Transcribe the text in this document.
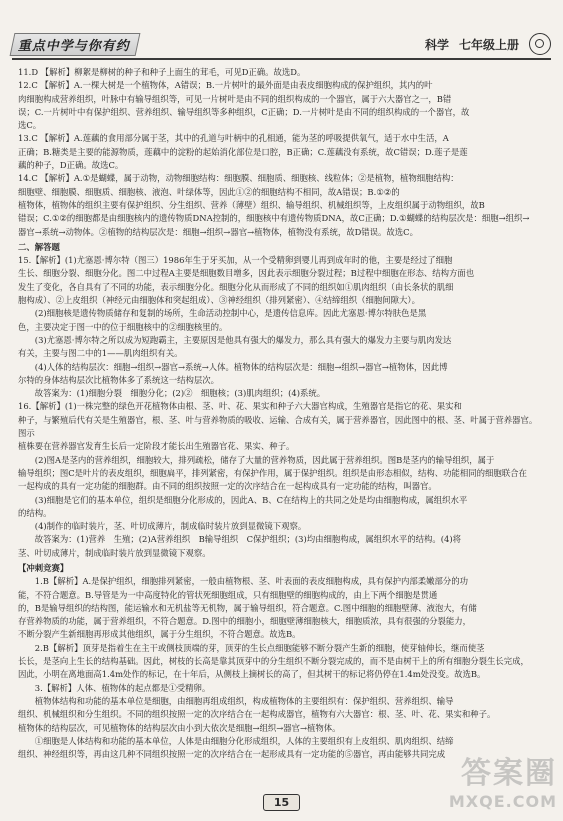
重点中学与你有约	科学 七年级上册

11.D 【解析】柳絮是柳树的种子和种子上面生的茸毛，可见D正确。故选D。

12.C 【解析】A.一棵大树是一个植物体，A错误；B.一片树叶的最外面是由表皮细胞构成的保护组织，其内的叶

肉细胞构成营养组织，叶脉中有输导组织等，可见一片树叶是由不同的组织构成的一个器官，属于六大器官之一，B错

误；C.一片树叶中有保护组织、营养组织、输导组织等多种组织，C正确；D.一片树叶是由不同的组织构成的一个器官，故

选C。

13.C 【解析】A.莲藕的食用部分属于茎，其中的孔道与叶柄中的孔相通，能为茎的呼吸提供氧气，适于水中生活，A

正确；B.糖类是主要的能源物质，莲藕中的淀粉的起始消化部位是口腔，B正确；C.莲藕没有系统，故C错误；D.莲子是莲

藕的种子，D正确。故选C。

14.C 【解析】A.①是蝴蝶，属于动物，动物细胞结构：细胞膜、细胞质、细胞核、线粒体；②是植物，植物细胞结构：

细胞壁、细胞膜、细胞质、细胞核、液泡、叶绿体等，因此①②的细胞结构不相同，故A错误；B.①②的

植物体，植物体的组织主要有保护组织、分生组织、营养（薄壁）组织、输导组织、机械组织等，上皮组织属于动物组织，故B

错误；C.①②的细胞都是由细胞核内的遗传物质DNA控制的，细胞核中有遗传物质DNA，故C正确；D.①蝴蝶的结构层次是：细胞→组织→

器官→系统→动物体。②植物的结构层次是：细胞→组织→器官→植物体，植物没有系统，故D错误。故选C。

二、解答题

15.【解析】(1)尤塞恩·博尔特（图三）1986年生于牙买加，从一个受精卵到婴儿再到成年时的他，主要是经过了细胞

生长、细胞分裂、细胞分化。图二中过程A主要是细胞数目增多，因此表示细胞分裂过程；B过程中细胞在形态、结构方面也

发生了变化，各自具有了不同的功能，表示细胞分化。细胞分化从而形成了不同的组织如①肌肉组织（由长条状的肌细

胞构成）、②上皮组织（神经元由细胞体和突起组成）、③神经组织（排列紧密）、④结缔组织（细胞间隙大）。

(2)细胞核是遗传物质储存和复制的场所，生命活动控制中心，是遗传信息库。因此尤塞恩·博尔特肤色是黑

色，主要决定于图一中的位于细胞核中的②细胞核里的。

(3)尤塞恩·博尔特之所以成为短跑霸主，主要原因是他具有强大的爆发力，那么具有强大的爆发力主要与肌肉发达

有关，主要与图二中的1——肌肉组织有关。

(4)人体的结构层次：细胞→组织→器官→系统→人体。植物体的结构层次是：细胞→组织→器官→植物体，因此博

尔特的身体结构层次比植物体多了系统这一结构层次。

故答案为：(1)细胞分裂　细胞分化；(2)②　细胞核；(3)肌肉组织；(4)系统。

16.【解析】(1)一株完整的绿色开花植物体由根、茎、叶、花、果实和种子六大器官构成，生殖器官是指它的花、果实和

种子，与繁殖后代有关是生殖器官，根、茎、叶与营养物质的吸收、运输、合成有关，属于营养器官，因此图中的根、茎、叶属于营养器官。图示

植株要在营养器官发育生长后一定阶段才能长出生殖器官花、果实、种子。

(2)图A是茎内的营养组织，细胞较大，排列疏松，储存了大量的营养物质，因此属于营养组织。图B是茎内的输导组织，属于

输导组织；图C是叶片的表皮组织，细胞扁平，排列紧密，有保护作用，属于保护组织。组织是由形态相似，结构、功能相同的细胞联合在

一起构成的具有一定功能的细胞群。由不同的组织按照一定的次序结合在一起构成具有一定功能的结构，叫器官。

(3)细胞是它们的基本单位，组织是细胞分化形成的，因此A、B、C在结构上的共同之处是均由细胞构成，属组织水平

的结构。

(4)制作的临时装片，茎、叶切成薄片，制成临时装片放到显微镜下观察。

故答案为：(1)营养　生殖；(2)A营养组织　B输导组织　C保护组织；(3)均由细胞构成，属组织水平的结构。(4)将

茎、叶切成薄片，制成临时装片放到显微镜下观察。

【冲刺竞赛】

1.B【解析】A.是保护组织，细胞排列紧密，一般由植物根、茎、叶表面的表皮细胞构成，具有保护内部柔嫩部分的功

能，不符合题意。B.导管是为一中高度特化的管状死细胞组成，只有细胞壁的细胞构成的，由上下两个细胞是贯通

的，B是输导组织的结构图，能运输水和无机盐等无机物，属于输导组织，符合题意。C.图中细胞的细胞壁薄、液泡大，有储

存营养物质的功能，属于营养组织，不符合题意。D.图中的细胞小，细胞壁薄细胞核大，细胞质浓，具有很强的分裂能力，

不断分裂产生新细胞再形成其他组织，属于分生组织，不符合题意。故选B。

2.B【解析】顶芽是指着生在主干或侧枝顶端的芽，顶芽的生长点细胞能够不断分裂产生新的细胞，使芽轴伸长，继而使茎

长长，是茎向上生长的结构基础。因此，树枝的长高是靠其顶芽中的分生组织不断分裂完成的，而不是由树干上的所有细胞分裂生长完成，

因此，小明在离地面高1.4m处作的标记，在十年后，从侧枝上摘树长的高了，但其树干的标记将仍停在1.4m处没变。故选B。

3.【解析】人体、植物体的起点都是①受精卵。

植物体结构和功能的基本单位是细胞，由细胞再组成组织，构成植物体的主要组织有：保护组织、营养组织、输导

组织、机械组织和分生组织。不同的组织按照一定的次序结合在一起构成器官，植物有六大器官：根、茎、叶、花、果实和种子。

植物体的结构层次，可见植物体的结构层次由小到大依次是细胞→组织→器官→植物体。

①细胞是人体结构和功能的基本单位，人体是由细胞分化形成组织，人体的主要组织有上皮组织、肌肉组织、结缔

组织、神经组织等，再由这几种不同组织按照一定的次序结合在一起形成具有一定功能的⑤器官，再由能够共同完成

答案圈
MXQE.COM
15
